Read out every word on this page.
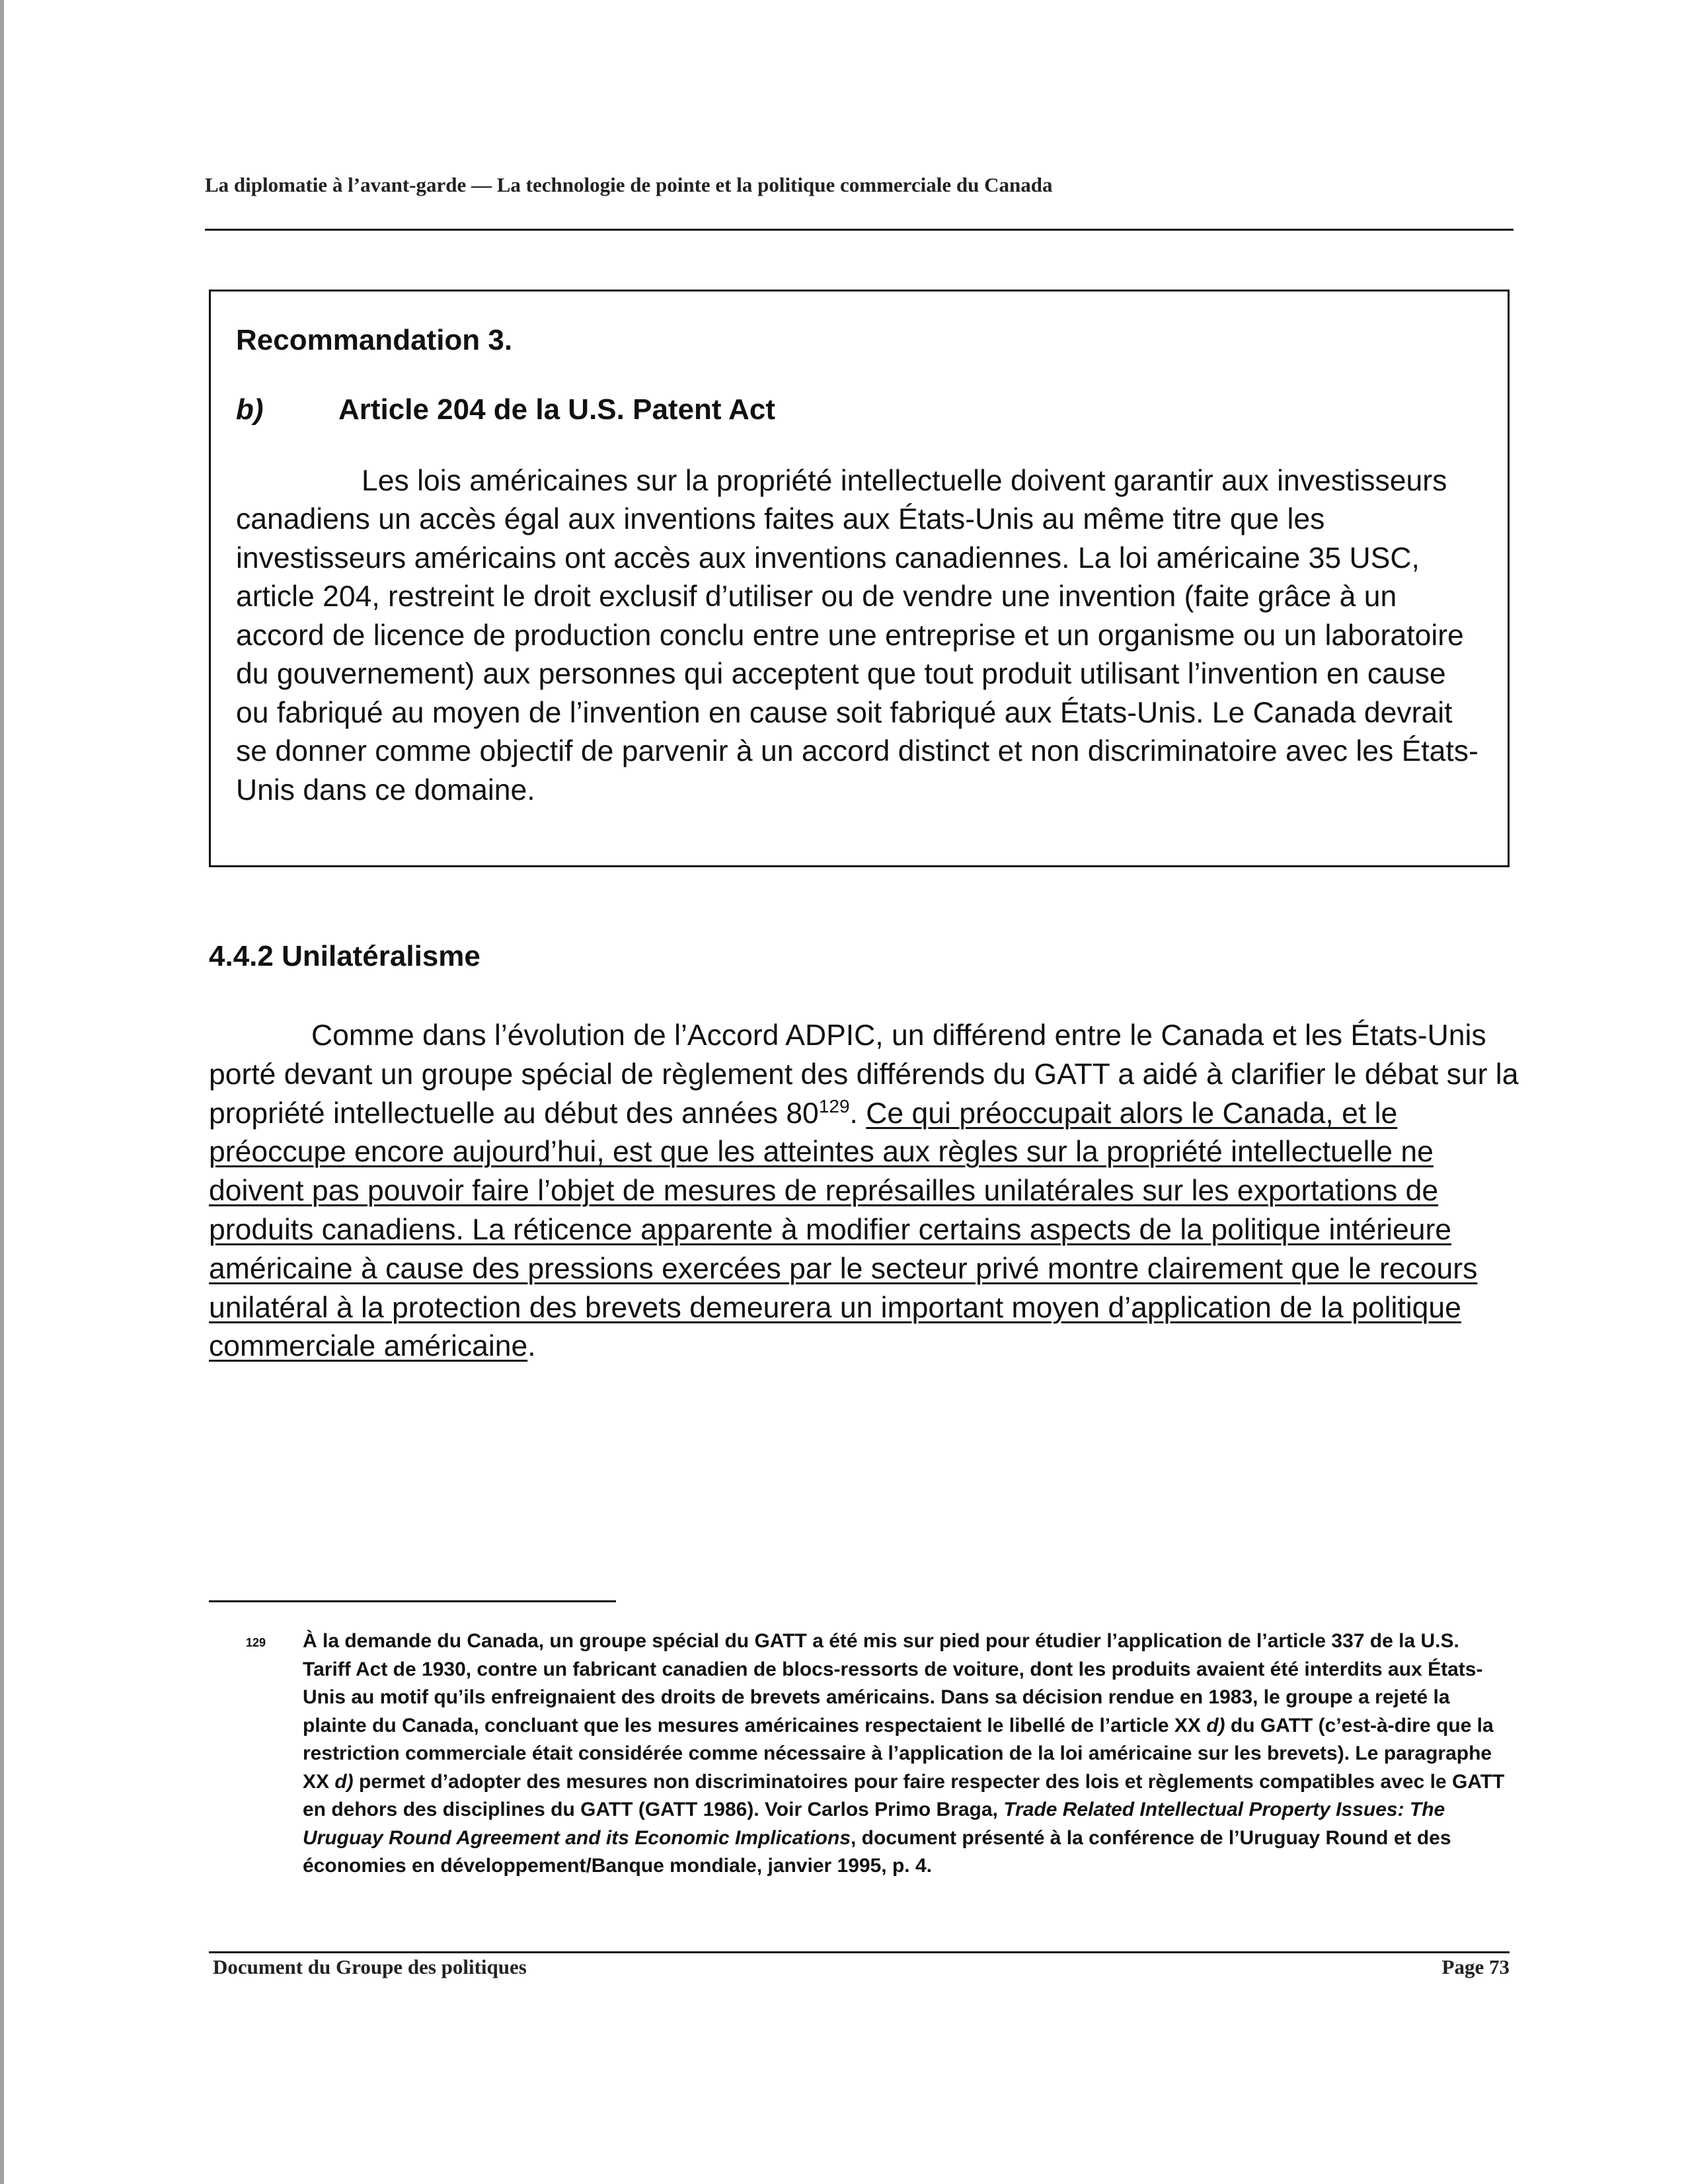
La diplomatie à l’avant-garde — La technologie de pointe et la politique commerciale du Canada
Recommandation 3.
b)	Article 204 de la U.S. Patent Act

Les lois américaines sur la propriété intellectuelle doivent garantir aux investisseurs canadiens un accès égal aux inventions faites aux États-Unis au même titre que les investisseurs américains ont accès aux inventions canadiennes. La loi américaine 35 USC, article 204, restreint le droit exclusif d’utiliser ou de vendre une invention (faite grâce à un accord de licence de production conclu entre une entreprise et un organisme ou un laboratoire du gouvernement) aux personnes qui acceptent que tout produit utilisant l’invention en cause ou fabriqué au moyen de l’invention en cause soit fabriqué aux États-Unis. Le Canada devrait se donner comme objectif de parvenir à un accord distinct et non discriminatoire avec les États-Unis dans ce domaine.

4.4.2 Unilatéralisme

Comme dans l’évolution de l’Accord ADPIC, un différend entre le Canada et les États-Unis porté devant un groupe spécial de règlement des différends du GATT a aidé à clarifier le débat sur la propriété intellectuelle au début des années $80^{129}$. Ce qui préoccupait alors le Canada, et le préoccupe encore aujourd’hui, est que les atteintes aux règles sur la propriété intellectuelle ne doivent pas pouvoir faire l’objet de mesures de représailles unilatérales sur les exportations de produits canadiens. La réticence apparente à modifier certains aspects de la politique intérieure américaine à cause des pressions exercées par le secteur privé montre clairement que le recours unilatéral à la protection des brevets demeurera un important moyen d’application de la politique commerciale américaine.

129 À la demande du Canada, un groupe spécial du GATT a été mis sur pied pour étudier l’application de l’article 337 de la U.S. Tariff Act de 1930, contre un fabricant canadien de blocs-ressorts de voiture, dont les produits avaient été interdits aux États-Unis au motif qu’ils enfreignaient des droits de brevets américains. Dans sa décision rendue en 1983, le groupe a rejeté la plainte du Canada, concluant que les mesures américaines respectaient le libellé de l’article XX d) du GATT (c’est-à-dire que la restriction commerciale était considérée comme nécessaire à l’application de la loi américaine sur les brevets). Le paragraphe XX d) permet d’adopter des mesures non discriminatoires pour faire respecter des lois et règlements compatibles avec le GATT en dehors des disciplines du GATT (GATT 1986). Voir Carlos Primo Braga, Trade Related Intellectual Property Issues: The Uruguay Round Agreement and its Economic Implications, document présenté à la conférence de l’Uruguay Round et des économies en développement/Banque mondiale, janvier 1995, p. 4.

Document du Groupe des politiques	Page 73
